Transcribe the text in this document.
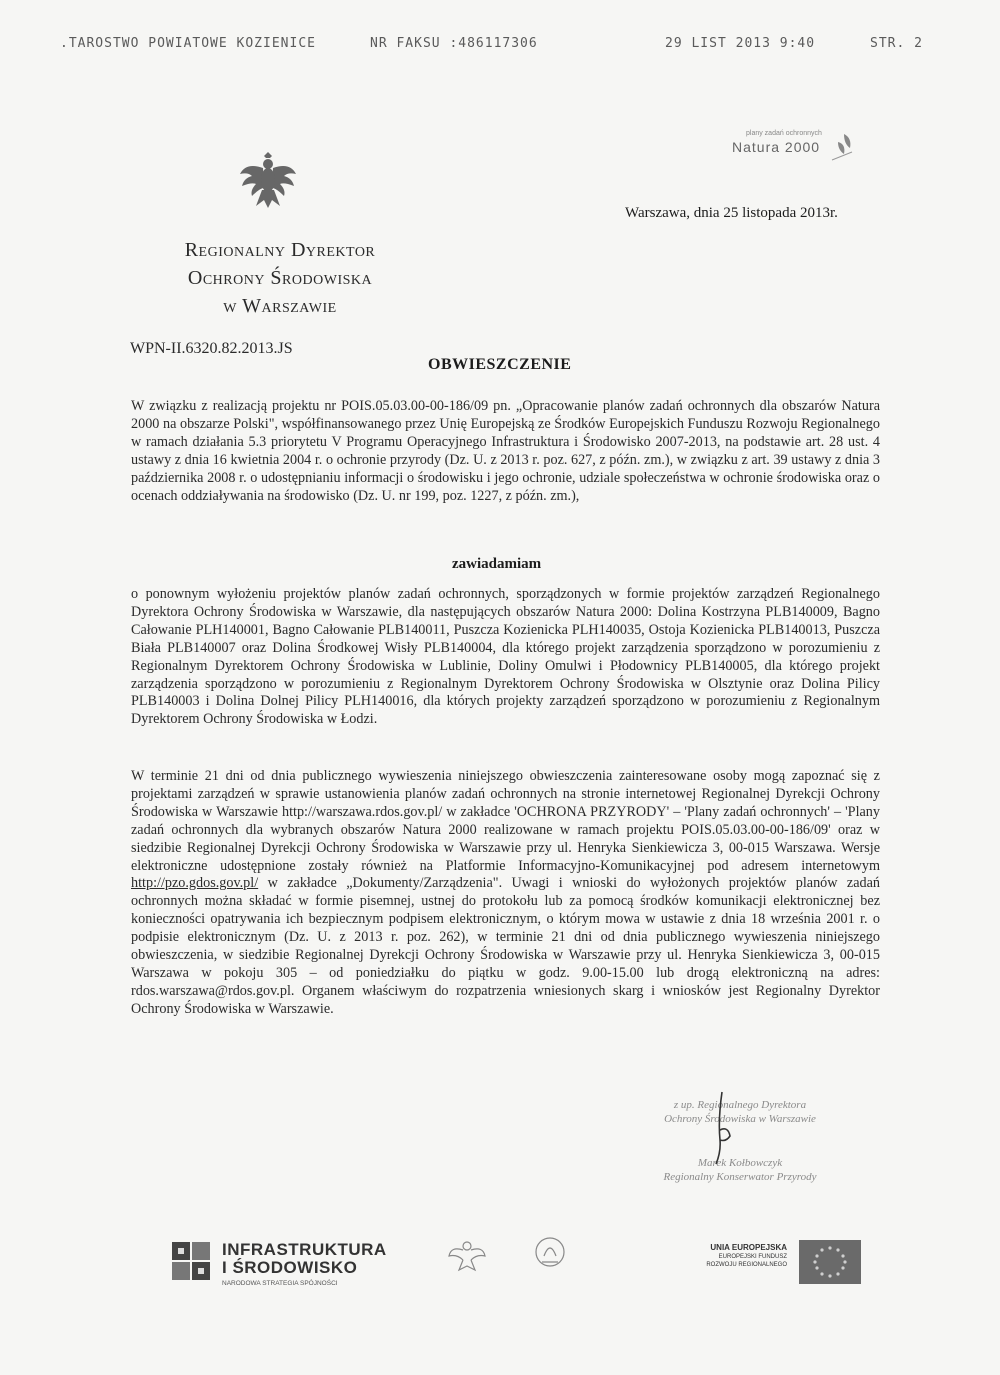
.TAROSTWO POWIATOWE KOZIENICE	NR FAKSU :486117306	29 LIST 2013 9:40	STR. 2
plany zadań ochronnych
Natura 2000
Warszawa, dnia 25 listopada 2013r.
Regionalny Dyrektor
Ochrony Środowiska
w Warszawie
WPN-II.6320.82.2013.JS
OBWIESZCZENIE
W związku z realizacją projektu nr POIS.05.03.00-00-186/09 pn. „Opracowanie planów zadań ochronnych dla obszarów Natura 2000 na obszarze Polski", współfinansowanego przez Unię Europejską ze Środków Europejskich Funduszu Rozwoju Regionalnego w ramach działania 5.3 priorytetu V Programu Operacyjnego Infrastruktura i Środowisko 2007-2013, na podstawie art. 28 ust. 4 ustawy z dnia 16 kwietnia 2004 r. o ochronie przyrody (Dz. U. z 2013 r. poz. 627, z późn. zm.), w związku z art. 39 ustawy z dnia 3 października 2008 r. o udostępnianiu informacji o środowisku i jego ochronie, udziale społeczeństwa w ochronie środowiska oraz o ocenach oddziaływania na środowisko (Dz. U. nr 199, poz. 1227, z późn. zm.),
zawiadamiam
o ponownym wyłożeniu projektów planów zadań ochronnych, sporządzonych w formie projektów zarządzeń Regionalnego Dyrektora Ochrony Środowiska w Warszawie, dla następujących obszarów Natura 2000: Dolina Kostrzyna PLB140009, Bagno Całowanie PLH140001, Bagno Całowanie PLB140011, Puszcza Kozienicka PLH140035, Ostoja Kozienicka PLB140013, Puszcza Biała PLB140007 oraz Dolina Środkowej Wisły PLB140004, dla którego projekt zarządzenia sporządzono w porozumieniu z Regionalnym Dyrektorem Ochrony Środowiska w Lublinie, Doliny Omulwi i Płodownicy PLB140005, dla którego projekt zarządzenia sporządzono w porozumieniu z Regionalnym Dyrektorem Ochrony Środowiska w Olsztynie oraz Dolina Pilicy PLB140003 i Dolina Dolnej Pilicy PLH140016, dla których projekty zarządzeń sporządzono w porozumieniu z Regionalnym Dyrektorem Ochrony Środowiska w Łodzi.
W terminie 21 dni od dnia publicznego wywieszenia niniejszego obwieszczenia zainteresowane osoby mogą zapoznać się z projektami zarządzeń w sprawie ustanowienia planów zadań ochronnych na stronie internetowej Regionalnej Dyrekcji Ochrony Środowiska w Warszawie http://warszawa.rdos.gov.pl/ w zakładce 'OCHRONA PRZYRODY' – 'Plany zadań ochronnych' – 'Plany zadań ochronnych dla wybranych obszarów Natura 2000 realizowane w ramach projektu POIS.05.03.00-00-186/09' oraz w siedzibie Regionalnej Dyrekcji Ochrony Środowiska w Warszawie przy ul. Henryka Sienkiewicza 3, 00-015 Warszawa. Wersje elektroniczne udostępnione zostały również na Platformie Informacyjno-Komunikacyjnej pod adresem internetowym http://pzo.gdos.gov.pl/ w zakładce „Dokumenty/Zarządzenia". Uwagi i wnioski do wyłożonych projektów planów zadań ochronnych można składać w formie pisemnej, ustnej do protokołu lub za pomocą środków komunikacji elektronicznej bez konieczności opatrywania ich bezpiecznym podpisem elektronicznym, o którym mowa w ustawie z dnia 18 września 2001 r. o podpisie elektronicznym (Dz. U. z 2013 r. poz. 262), w terminie 21 dni od dnia publicznego wywieszenia niniejszego obwieszczenia, w siedzibie Regionalnej Dyrekcji Ochrony Środowiska w Warszawie przy ul. Henryka Sienkiewicza 3, 00-015 Warszawa w pokoju 305 – od poniedziałku do piątku w godz. 9.00-15.00 lub drogą elektroniczną na adres: rdos.warszawa@rdos.gov.pl. Organem właściwym do rozpatrzenia wniesionych skarg i wniosków jest Regionalny Dyrektor Ochrony Środowiska w Warszawie.
z up. Regionalnego Dyrektora
Ochrony Środowiska w Warszawie
Marek Kołbowczyk
Regionalny Konserwator Przyrody
INFRASTRUKTURA
I ŚRODOWISKO
NARODOWA STRATEGIA SPÓJNOŚCI
UNIA EUROPEJSKA
EUROPEJSKI FUNDUSZ
ROZWOJU REGIONALNEGO
